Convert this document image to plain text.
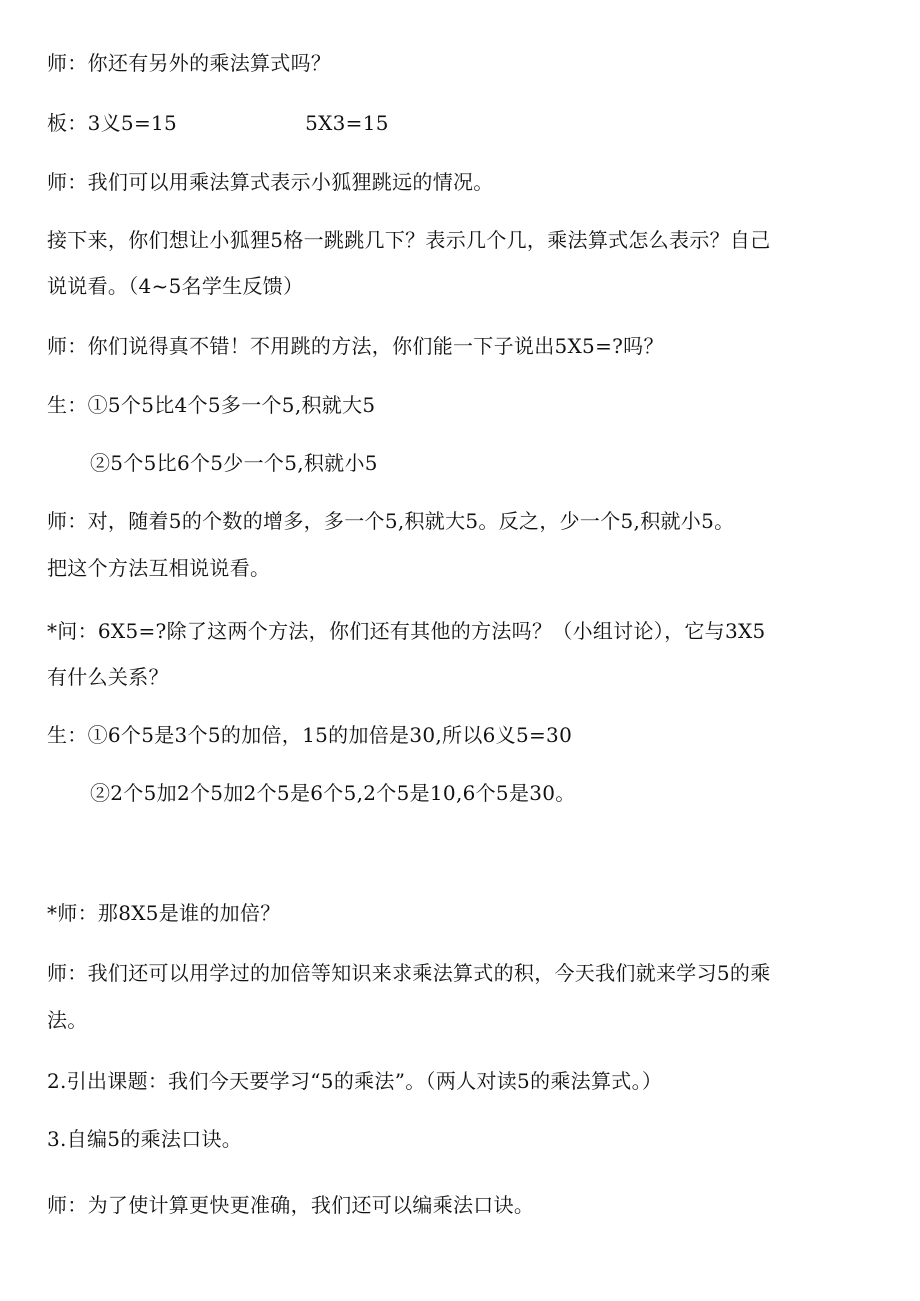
师：你还有另外的乘法算式吗？
板：3义5=15	5X3=15
师：我们可以用乘法算式表示小狐狸跳远的情况。
接下来，你们想让小狐狸5格一跳跳几下？表示几个几，乘法算式怎么表示？自己
说说看。（4~5名学生反馈）
师：你们说得真不错！不用跳的方法，你们能一下子说出5X5=?吗？
生：①5个5比4个5多一个5,积就大5
②5个5比6个5少一个5,积就小5
师：对，随着5的个数的增多，多一个5,积就大5。反之，少一个5,积就小5。
把这个方法互相说说看。
*问：6X5=?除了这两个方法，你们还有其他的方法吗？（小组讨论），它与3X5
有什么关系？
生：①6个5是3个5的加倍，15的加倍是30,所以6义5=30
②2个5加2个5加2个5是6个5,2个5是10,6个5是30。
*师：那8X5是谁的加倍？
师：我们还可以用学过的加倍等知识来求乘法算式的积，今天我们就来学习5的乘
法。
2.引出课题：我们今天要学习“5的乘法”。（两人对读5的乘法算式。）
3.自编5的乘法口诀。
师：为了使计算更快更准确，我们还可以编乘法口诀。
